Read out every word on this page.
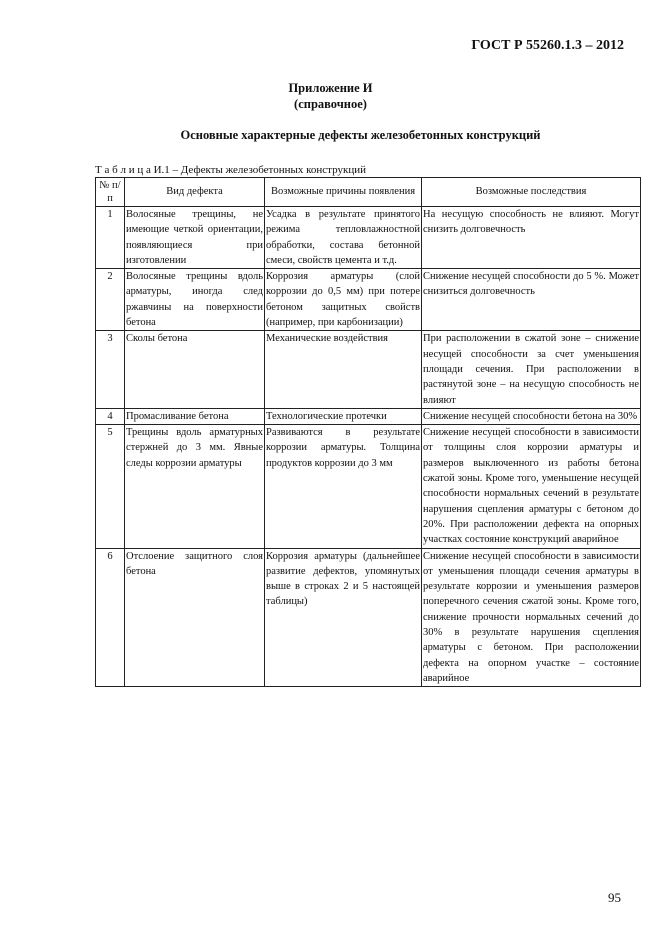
ГОСТ Р 55260.1.3 – 2012
Приложение И
(справочное)
Основные характерные дефекты железобетонных конструкций
Т а б л и ц а И.1 – Дефекты железобетонных конструкций
№ п/п	Вид дефекта	Возможные причины появления	Возможные последствия
1	Волосяные трещины, не имеющие четкой ориентации, появляющиеся при изготовлении	Усадка в результате принятого режима тепловлажностной обработки, состава бетонной смеси, свойств цемента и т.д.	На несущую способность не влияют. Могут снизить долговечность
2	Волосяные трещины вдоль арматуры, иногда след ржавчины на поверхности бетона	Коррозия арматуры (слой коррозии до 0,5 мм) при потере бетоном защитных свойств (например, при карбонизации)	Снижение несущей способности до 5 %. Может снизиться долговечность
3	Сколы бетона	Механические воздействия	При расположении в сжатой зоне – снижение несущей способности за счет уменьшения площади сечения. При расположении в растянутой зоне – на несущую способность не влияют
4	Промасливание бетона	Технологические протечки	Снижение несущей способности бетона на 30%
5	Трещины вдоль арматурных стержней до 3 мм. Явные следы коррозии арматуры	Развиваются в результате коррозии арматуры. Толщина продуктов коррозии до 3 мм	Снижение несущей способности в зависимости от толщины слоя коррозии арматуры и размеров выключенного из работы бетона сжатой зоны. Кроме того, уменьшение несущей способности нормальных сечений в результате нарушения сцепления арматуры с бетоном до 20%. При расположении дефекта на опорных участках состояние конструкций аварийное
6	Отслоение защитного слоя бетона	Коррозия арматуры (дальнейшее развитие дефектов, упомянутых выше в строках 2 и 5 настоящей таблицы)	Снижение несущей способности в зависимости от уменьшения площади сечения арматуры в результате коррозии и уменьшения размеров поперечного сечения сжатой зоны. Кроме того, снижение прочности нормальных сечений до 30% в результате нарушения сцепления арматуры с бетоном. При расположении дефекта на опорном участке – состояние аварийное
95
